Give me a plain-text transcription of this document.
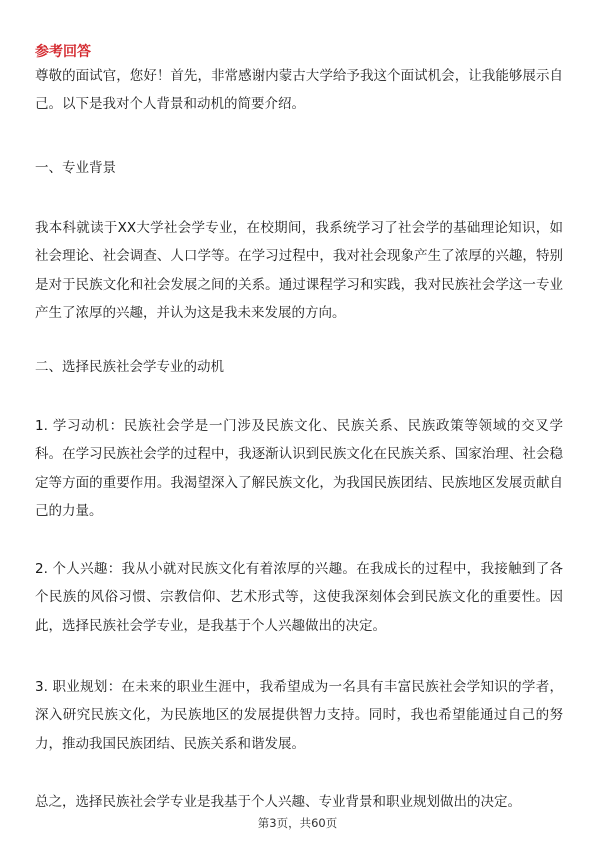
参考回答

尊敬的面试官，您好！首先，非常感谢内蒙古大学给予我这个面试机会，让我能够展示自己。以下是我对个人背景和动机的简要介绍。

一、专业背景

我本科就读于XX大学社会学专业，在校期间，我系统学习了社会学的基础理论知识，如社会理论、社会调查、人口学等。在学习过程中，我对社会现象产生了浓厚的兴趣，特别是对于民族文化和社会发展之间的关系。通过课程学习和实践，我对民族社会学这一专业产生了浓厚的兴趣，并认为这是我未来发展的方向。

二、选择民族社会学专业的动机

1. 学习动机：民族社会学是一门涉及民族文化、民族关系、民族政策等领域的交叉学科。在学习民族社会学的过程中，我逐渐认识到民族文化在民族关系、国家治理、社会稳定等方面的重要作用。我渴望深入了解民族文化，为我国民族团结、民族地区发展贡献自己的力量。

2. 个人兴趣：我从小就对民族文化有着浓厚的兴趣。在我成长的过程中，我接触到了各个民族的风俗习惯、宗教信仰、艺术形式等，这使我深刻体会到民族文化的重要性。因此，选择民族社会学专业，是我基于个人兴趣做出的决定。

3. 职业规划：在未来的职业生涯中，我希望成为一名具有丰富民族社会学知识的学者，深入研究民族文化，为民族地区的发展提供智力支持。同时，我也希望能通过自己的努力，推动我国民族团结、民族关系和谐发展。

总之，选择民族社会学专业是我基于个人兴趣、专业背景和职业规划做出的决定。

第3页，共60页
